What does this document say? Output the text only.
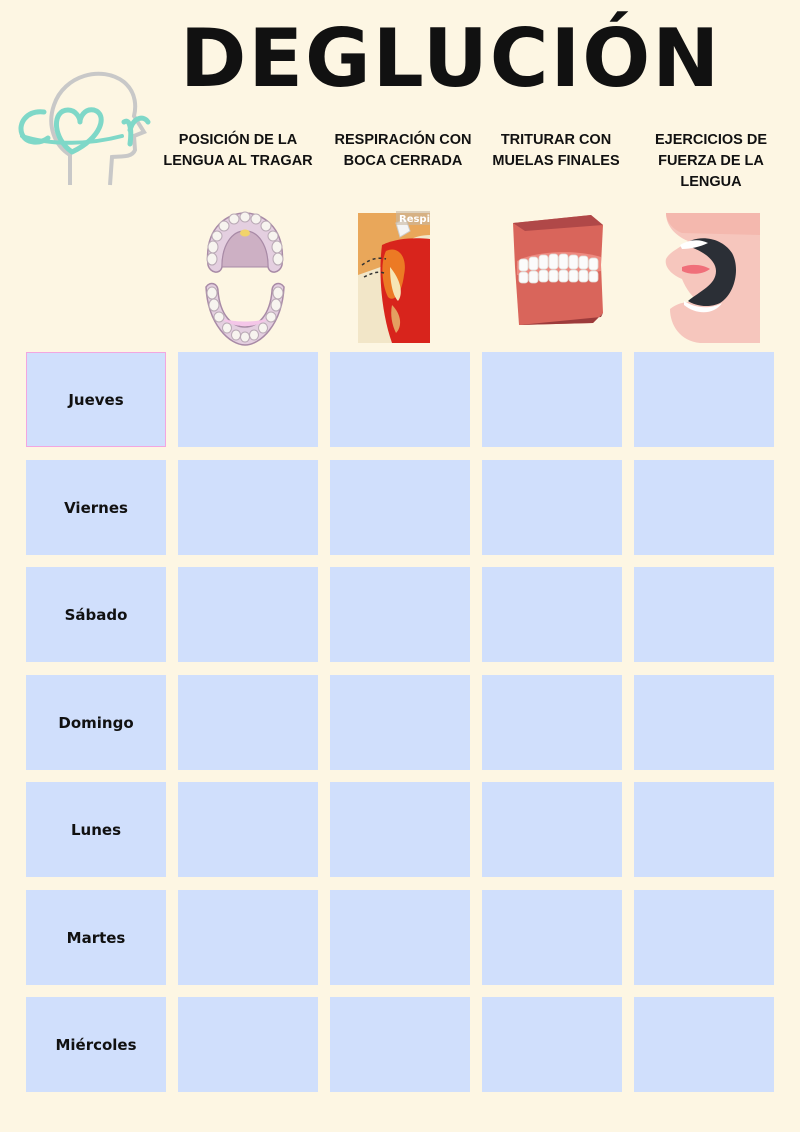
DEGLUCIÓN
POSICIÓN DE LA LENGUA AL TRAGAR
RESPIRACIÓN CON BOCA CERRADA
TRITURAR CON MUELAS FINALES
EJERCICIOS DE FUERZA DE LA LENGUA
Respi
Jueves
Viernes
Sábado
Domingo
Lunes
Martes
Miércoles
